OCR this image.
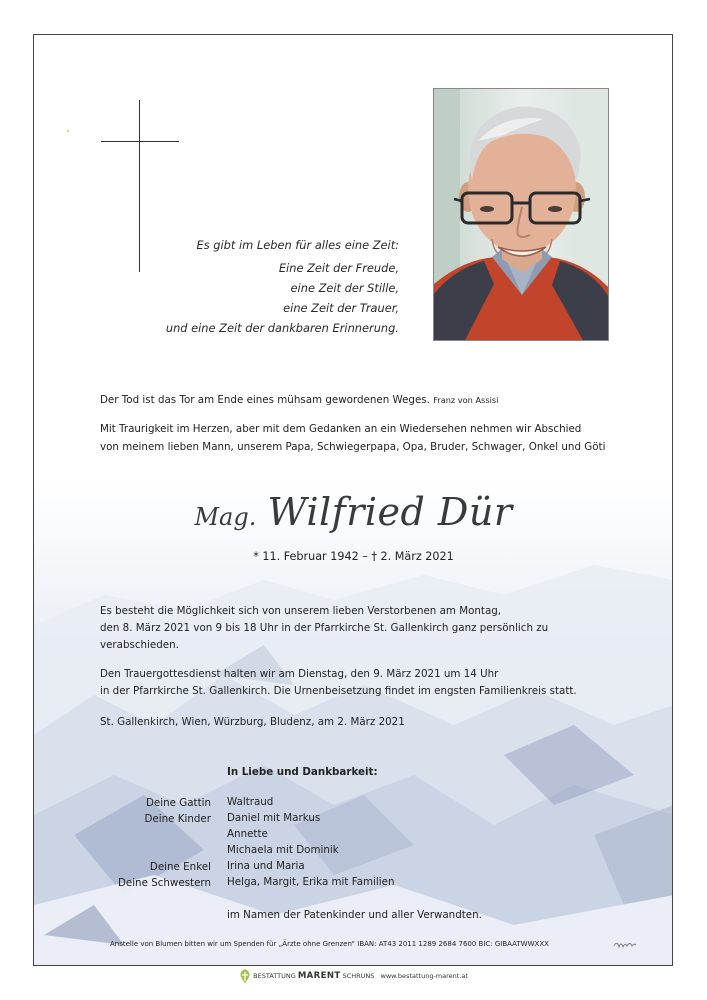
Es gibt im Leben für alles eine Zeit:
Eine Zeit der Freude,
eine Zeit der Stille,
eine Zeit der Trauer,
und eine Zeit der dankbaren Erinnerung.
Der Tod ist das Tor am Ende eines mühsam gewordenen Weges. Franz von Assisi
Mit Traurigkeit im Herzen, aber mit dem Gedanken an ein Wiedersehen nehmen wir Abschied
von meinem lieben Mann, unserem Papa, Schwiegerpapa, Opa, Bruder, Schwager, Onkel und Göti
Mag. Wilfried Dür
* 11. Februar 1942 – † 2. März 2021
Es besteht die Möglichkeit sich von unserem lieben Verstorbenen am Montag,
den 8. März 2021 von 9 bis 18 Uhr in der Pfarrkirche St. Gallenkirch ganz persönlich zu
verabschieden.
Den Trauergottesdienst halten wir am Dienstag, den 9. März 2021 um 14 Uhr
in der Pfarrkirche St. Gallenkirch. Die Urnenbeisetzung findet im engsten Familienkreis statt.
St. Gallenkirch, Wien, Würzburg, Bludenz, am 2. März 2021
In Liebe und Dankbarkeit:
Deine Gattin Waltraud
Deine Kinder Daniel mit Markus
Annette
Michaela mit Dominik
Deine Enkel Irina und Maria
Deine Schwestern Helga, Margit, Erika mit Familien
im Namen der Patenkinder und aller Verwandten.
Anstelle von Blumen bitten wir um Spenden für „Ärzte ohne Grenzen“ IBAN: AT43 2011 1289 2684 7600 BIC: GIBAATWWXXX
BESTATTUNG MARENT SCHRUNS www.bestattung-marent.at
